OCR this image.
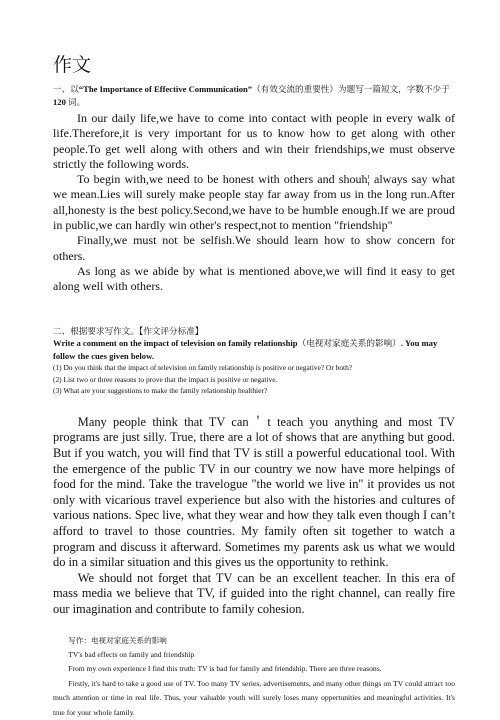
作文

一、以“The Importance of Effective Communication”（有效交流的重要性）为题写一篇短文，字数不少于 120 词。

In our daily life,we have to come into contact with people in every walk of life.Therefore,it is very important for us to know how to get along with other people.To get well along with others and win their friendships,we must observe strictly the following words.

To begin with,we need to be honest with others and shouh¦ always say what we mean.Lies will surely make people stay far away from us in the long run.After all,honesty is the best policy.Second,we have to be humble enough.If we are proud in public,we can hardly win other's respect,not to mention "friendship"

Finally,we must not be selfish.We should learn how to show concern for others.

As long as we abide by what is mentioned above,we will find it easy to get along well with others.

二、根据要求写作文。【作文评分标准】

Write a comment on the impact of television on family relationship（电视对家庭关系的影响）. You may follow the cues given below.

(1) Do you think that the impact of television on family relationship is positive or negative? Or both?

(2) List two or three reasons to prove that the impact is positive or negative.

(3) What are your suggestions to make the family relationship healthier?

Many people think that TV can＇t teach you anything and most TV programs are just silly. True, there are a lot of shows that are anything but good. But if you watch, you will find that TV is still a powerful educational tool. With the emergence of the public TV in our country we now have more helpings of food for the mind. Take the travelogue "the world we live in" it provides us not only with vicarious travel experience but also with the histories and cultures of various nations. Spec live, what they wear and how they talk even though I can’t afford to travel to those countries. My family often sit together to watch a program and discuss it afterward. Sometimes my parents ask us what we would do in a similar situation and this gives us the opportunity to rethink.

We should not forget that TV can be an excellent teacher. In this era of mass media we believe that TV, if guided into the right channel, can really fire our imagination and contribute to family cohesion.

写作：电视对家庭关系的影响

TV's bad effects on family and friendship

From my own experience I find this truth: TV is bad for family and friendship. There are three reasons.

Firstly, it's hard to take a good use of TV. Too many TV series, advertisements, and many other things on TV could attract too much attention or time in real life. Thus, your valuable youth will surely loses many oppertunities and meaningful activities. It's true for your whole family.
